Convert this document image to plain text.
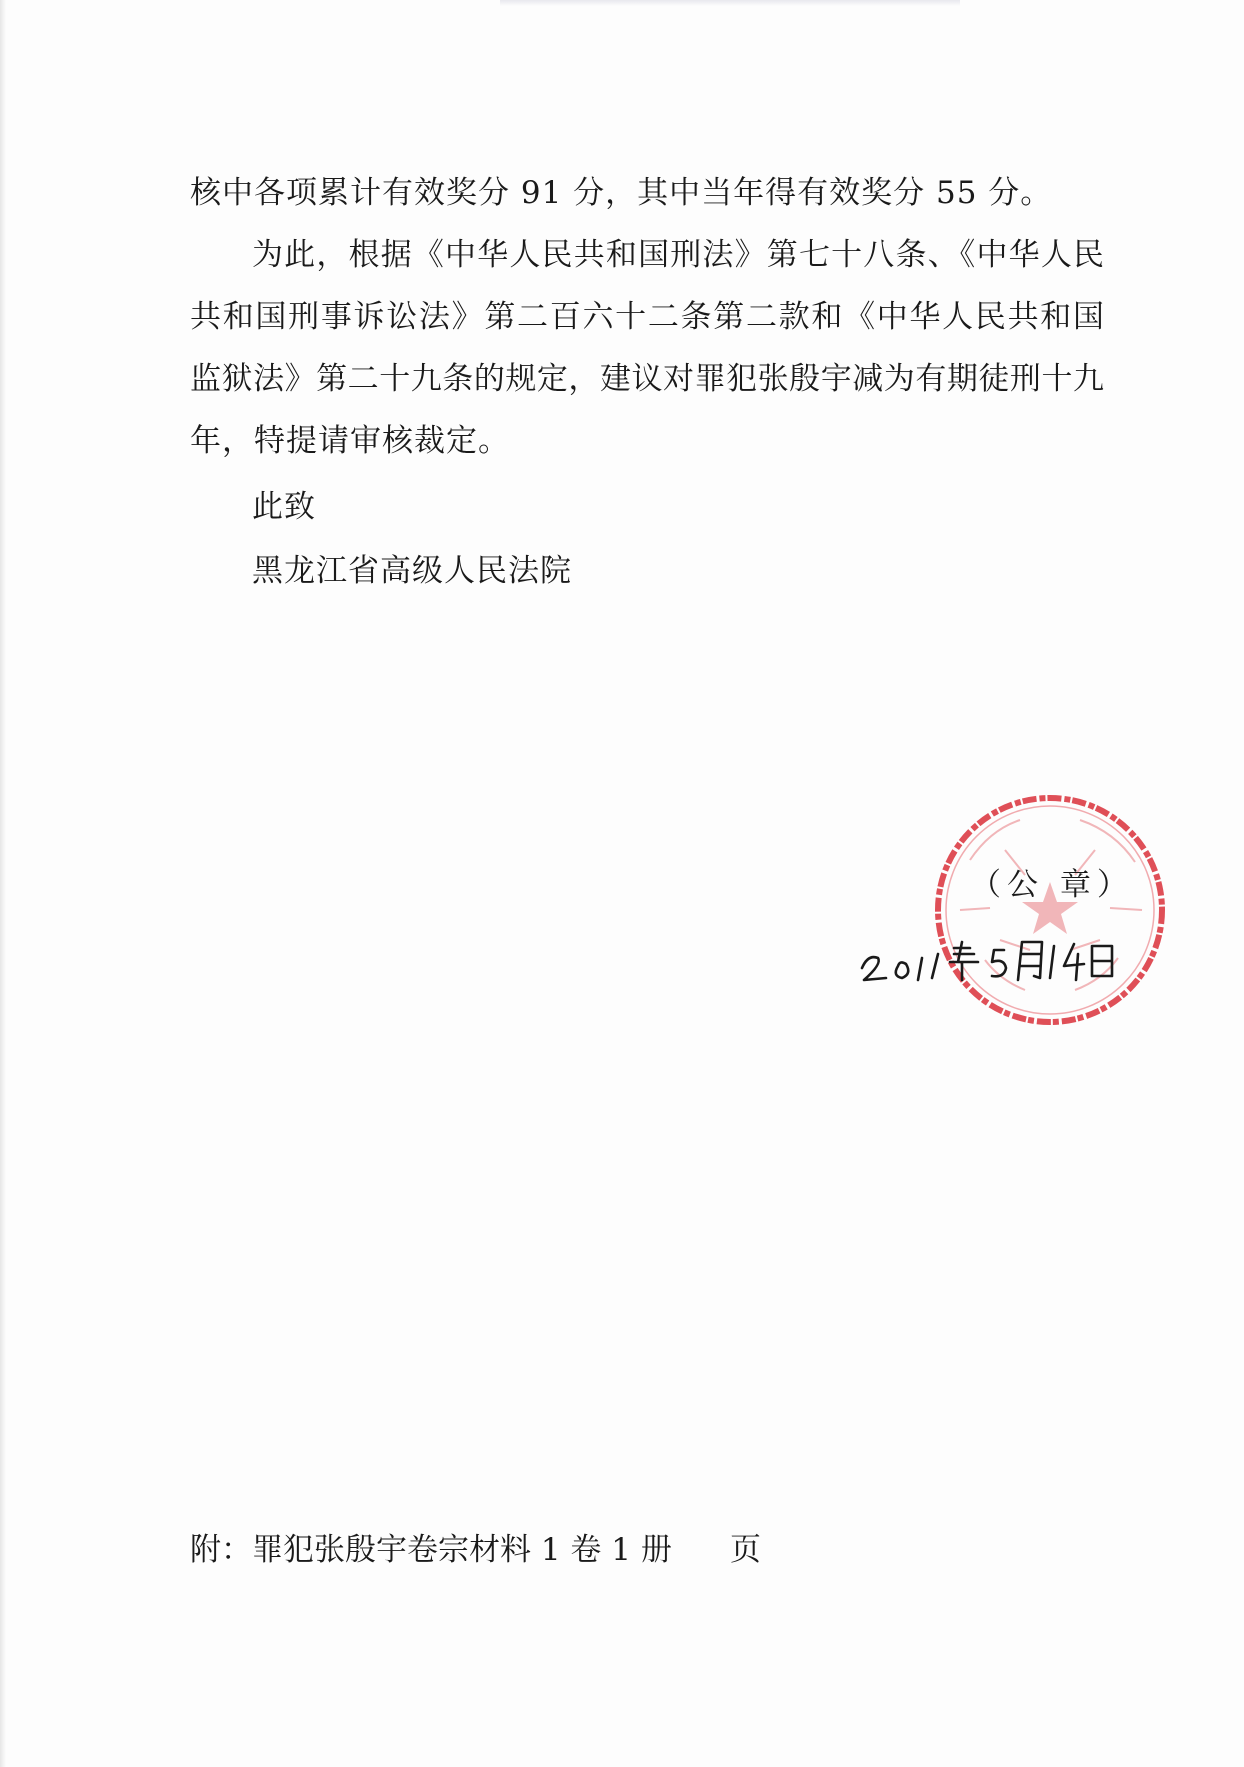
核中各项累计有效奖分 91 分，其中当年得有效奖分 55 分。
为此，根据《中华人民共和国刑法》第七十八条、《中华人民
共和国刑事诉讼法》第二百六十二条第二款和《中华人民共和国
监狱法》第二十九条的规定，建议对罪犯张殷宇减为有期徒刑十九
年，特提请审核裁定。
此致
黑龙江省高级人民法院
（公 章）
附：罪犯张殷宇卷宗材料 1 卷 1 册 页
